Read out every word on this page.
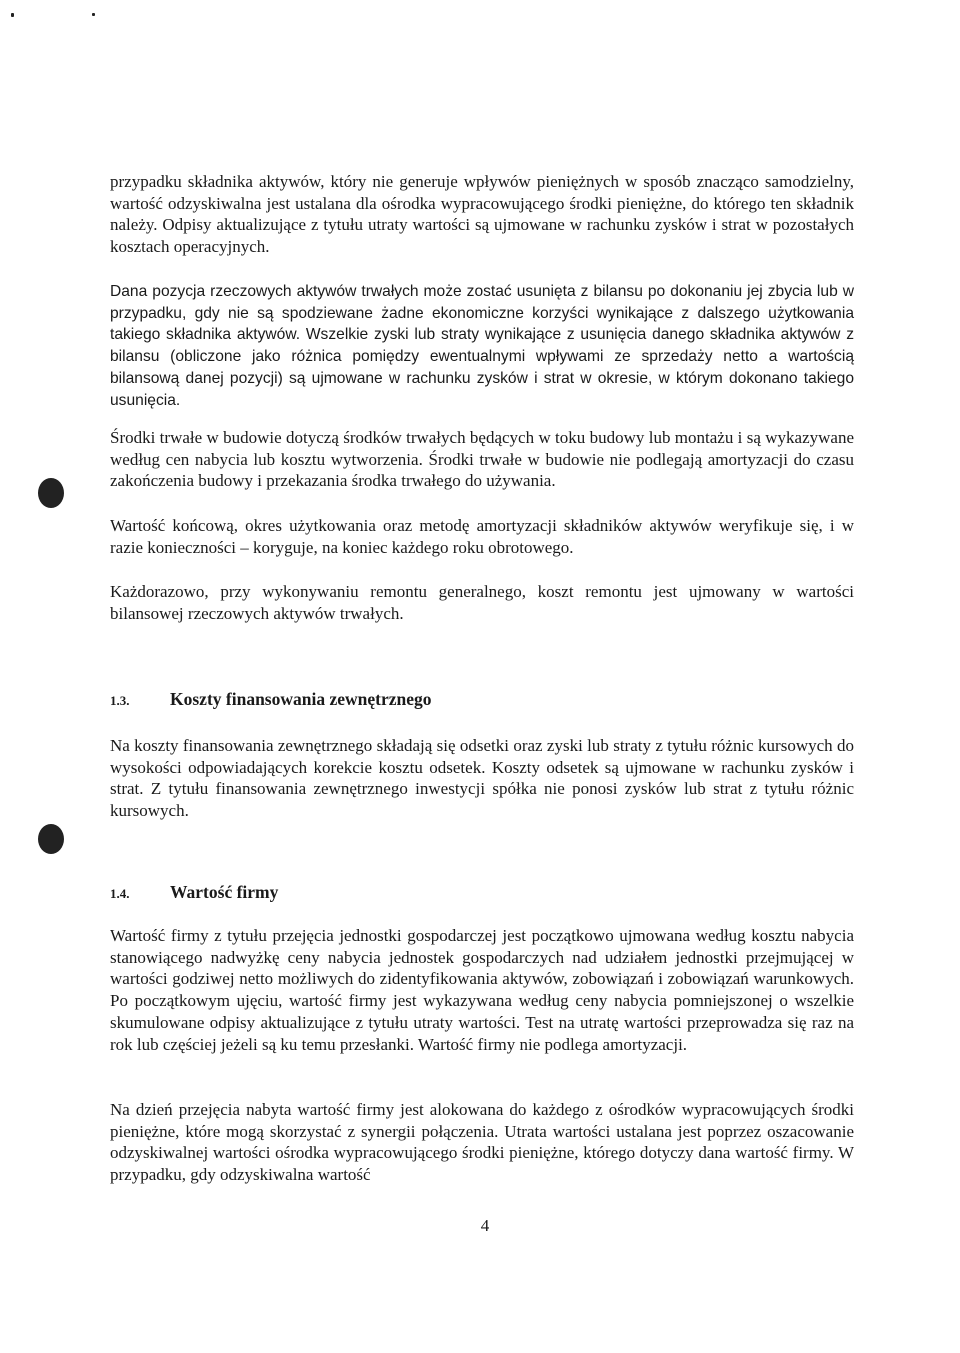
przypadku składnika aktywów, który nie generuje wpływów pieniężnych w sposób znacząco samodzielny, wartość odzyskiwalna jest ustalana dla ośrodka wypracowującego środki pieniężne, do którego ten składnik należy. Odpisy aktualizujące z tytułu utraty wartości są ujmowane w rachunku zysków i strat w pozostałych kosztach operacyjnych.

Dana pozycja rzeczowych aktywów trwałych może zostać usunięta z bilansu po dokonaniu jej zbycia lub w przypadku, gdy nie są spodziewane żadne ekonomiczne korzyści wynikające z dalszego użytkowania takiego składnika aktywów. Wszelkie zyski lub straty wynikające z usunięcia danego składnika aktywów z bilansu (obliczone jako różnica pomiędzy ewentualnymi wpływami ze sprzedaży netto a wartością bilansową danej pozycji) są ujmowane w rachunku zysków i strat w okresie, w którym dokonano takiego usunięcia.

Środki trwałe w budowie dotyczą środków trwałych będących w toku budowy lub montażu i są wykazywane według cen nabycia lub kosztu wytworzenia. Środki trwałe w budowie nie podlegają amortyzacji do czasu zakończenia budowy i przekazania środka trwałego do używania.

Wartość końcową, okres użytkowania oraz metodę amortyzacji składników aktywów weryfikuje się, i w razie konieczności – koryguje, na koniec każdego roku obrotowego.

Każdorazowo, przy wykonywaniu remontu generalnego, koszt remontu jest ujmowany w wartości bilansowej rzeczowych aktywów trwałych.

1.3.	Koszty finansowania zewnętrznego

Na koszty finansowania zewnętrznego składają się odsetki oraz zyski lub straty z tytułu różnic kursowych do wysokości odpowiadających korekcie kosztu odsetek. Koszty odsetek są ujmowane w rachunku zysków i strat. Z tytułu finansowania zewnętrznego inwestycji spółka nie ponosi zysków lub strat z tytułu różnic kursowych.

1.4.	Wartość firmy

Wartość firmy z tytułu przejęcia jednostki gospodarczej jest początkowo ujmowana według kosztu nabycia stanowiącego nadwyżkę ceny nabycia jednostek gospodarczych nad udziałem jednostki przejmującej w wartości godziwej netto możliwych do zidentyfikowania aktywów, zobowiązań i zobowiązań warunkowych. Po początkowym ujęciu, wartość firmy jest wykazywana według ceny nabycia pomniejszonej o wszelkie skumulowane odpisy aktualizujące z tytułu utraty wartości. Test na utratę wartości przeprowadza się raz na rok lub częściej jeżeli są ku temu przesłanki. Wartość firmy nie podlega amortyzacji.

Na dzień przejęcia nabyta wartość firmy jest alokowana do każdego z ośrodków wypracowujących środki pieniężne, które mogą skorzystać z synergii połączenia. Utrata wartości ustalana jest poprzez oszacowanie odzyskiwalnej wartości ośrodka wypracowującego środki pieniężne, którego dotyczy dana wartość firmy. W przypadku, gdy odzyskiwalna wartość

4
